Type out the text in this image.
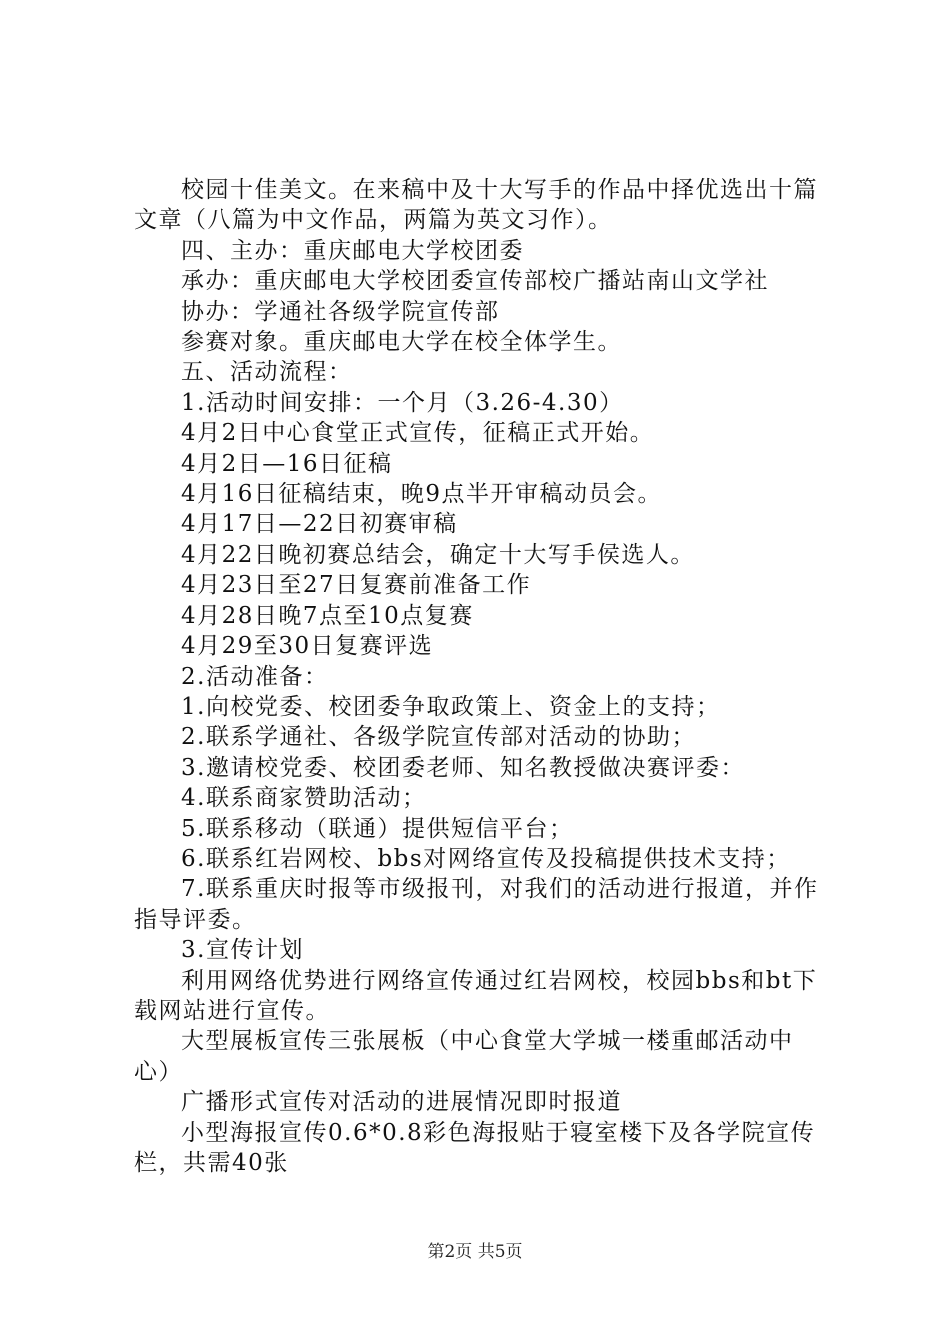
校园十佳美文。在来稿中及十大写手的作品中择优选出十篇文章（八篇为中文作品，两篇为英文习作）。

四、主办：重庆邮电大学校团委

承办：重庆邮电大学校团委宣传部校广播站南山文学社

协办：学通社各级学院宣传部

参赛对象。重庆邮电大学在校全体学生。

五、活动流程：

1.活动时间安排：一个月（3.26-4.30）

4月2日中心食堂正式宣传，征稿正式开始。

4月2日—16日征稿

4月16日征稿结束，晚9点半开审稿动员会。

4月17日—22日初赛审稿

4月22日晚初赛总结会，确定十大写手侯选人。

4月23日至27日复赛前准备工作

4月28日晚7点至10点复赛

4月29至30日复赛评选

2.活动准备：

1.向校党委、校团委争取政策上、资金上的支持；

2.联系学通社、各级学院宣传部对活动的协助；

3.邀请校党委、校团委老师、知名教授做决赛评委：

4.联系商家赞助活动；

5.联系移动（联通）提供短信平台；

6.联系红岩网校、bbs对网络宣传及投稿提供技术支持；

7.联系重庆时报等市级报刊，对我们的活动进行报道，并作指导评委。

3.宣传计划

利用网络优势进行网络宣传通过红岩网校，校园bbs和bt下载网站进行宣传。

大型展板宣传三张展板（中心食堂大学城一楼重邮活动中心）

广播形式宣传对活动的进展情况即时报道

小型海报宣传0.6*0.8彩色海报贴于寝室楼下及各学院宣传栏，共需40张

第2页 共5页
